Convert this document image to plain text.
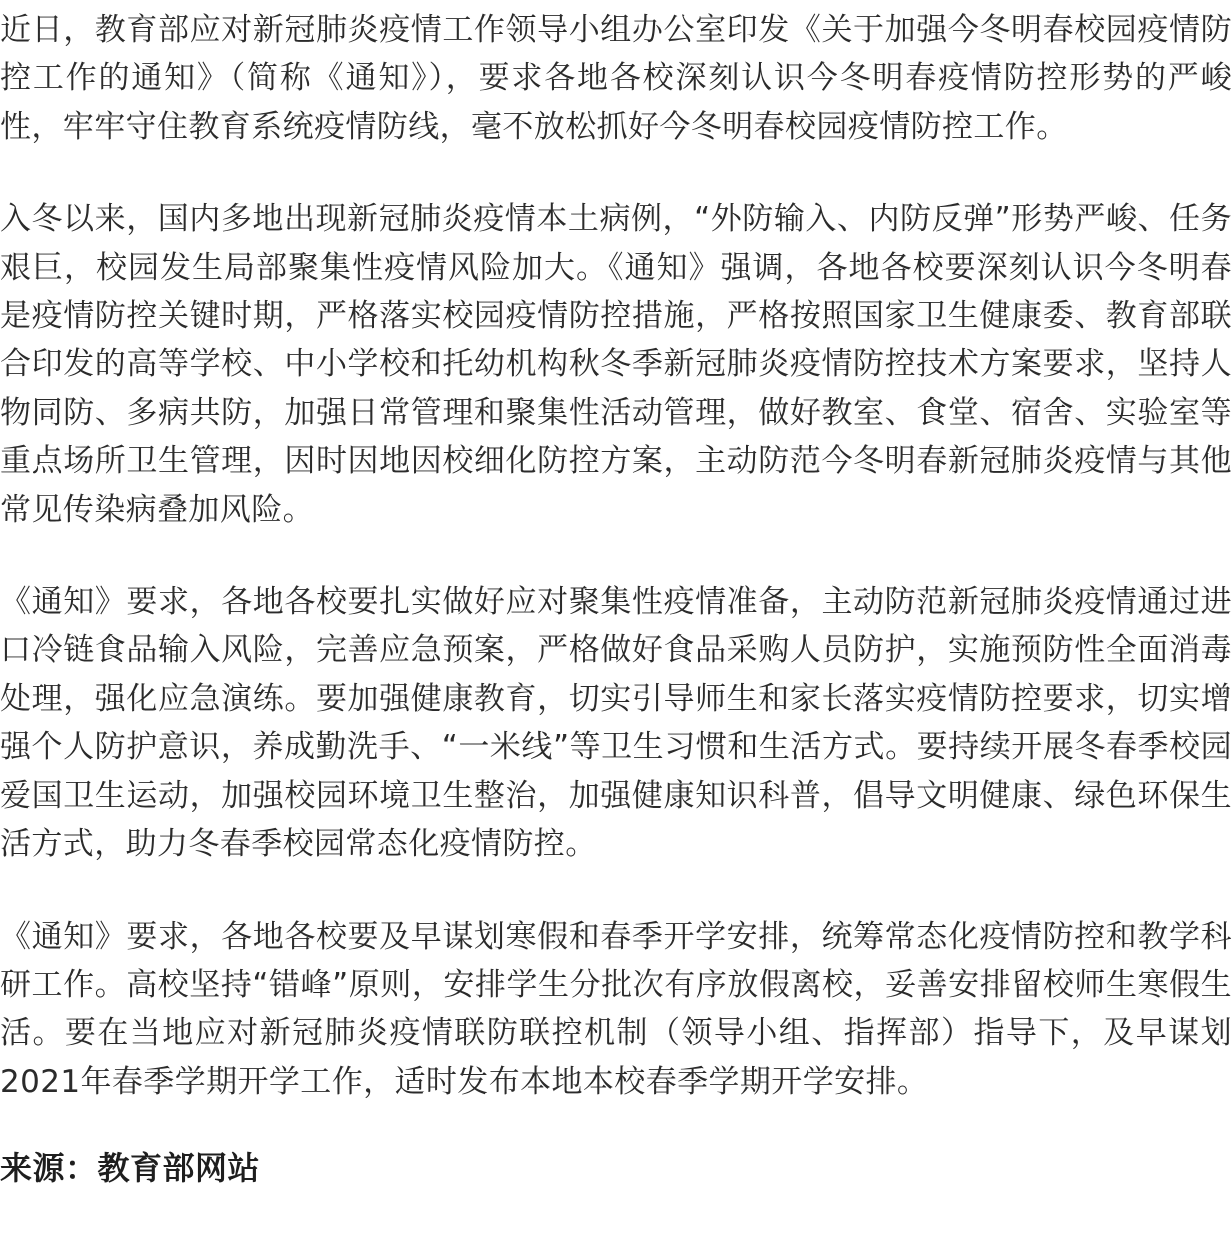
近日，教育部应对新冠肺炎疫情工作领导小组办公室印发《关于加强今冬明春校园疫情防控工作的通知》（简称《通知》），要求各地各校深刻认识今冬明春疫情防控形势的严峻性，牢牢守住教育系统疫情防线，毫不放松抓好今冬明春校园疫情防控工作。

入冬以来，国内多地出现新冠肺炎疫情本土病例，“外防输入、内防反弹”形势严峻、任务艰巨，校园发生局部聚集性疫情风险加大。《通知》强调，各地各校要深刻认识今冬明春是疫情防控关键时期，严格落实校园疫情防控措施，严格按照国家卫生健康委、教育部联合印发的高等学校、中小学校和托幼机构秋冬季新冠肺炎疫情防控技术方案要求，坚持人物同防、多病共防，加强日常管理和聚集性活动管理，做好教室、食堂、宿舍、实验室等重点场所卫生管理，因时因地因校细化防控方案，主动防范今冬明春新冠肺炎疫情与其他常见传染病叠加风险。

《通知》要求，各地各校要扎实做好应对聚集性疫情准备，主动防范新冠肺炎疫情通过进口冷链食品输入风险，完善应急预案，严格做好食品采购人员防护，实施预防性全面消毒处理，强化应急演练。要加强健康教育，切实引导师生和家长落实疫情防控要求，切实增强个人防护意识，养成勤洗手、“一米线”等卫生习惯和生活方式。要持续开展冬春季校园爱国卫生运动，加强校园环境卫生整治，加强健康知识科普，倡导文明健康、绿色环保生活方式，助力冬春季校园常态化疫情防控。

《通知》要求，各地各校要及早谋划寒假和春季开学安排，统筹常态化疫情防控和教学科研工作。高校坚持“错峰”原则，安排学生分批次有序放假离校，妥善安排留校师生寒假生活。要在当地应对新冠肺炎疫情联防联控机制（领导小组、指挥部）指导下，及早谋划2021年春季学期开学工作，适时发布本地本校春季学期开学安排。

来源：教育部网站
